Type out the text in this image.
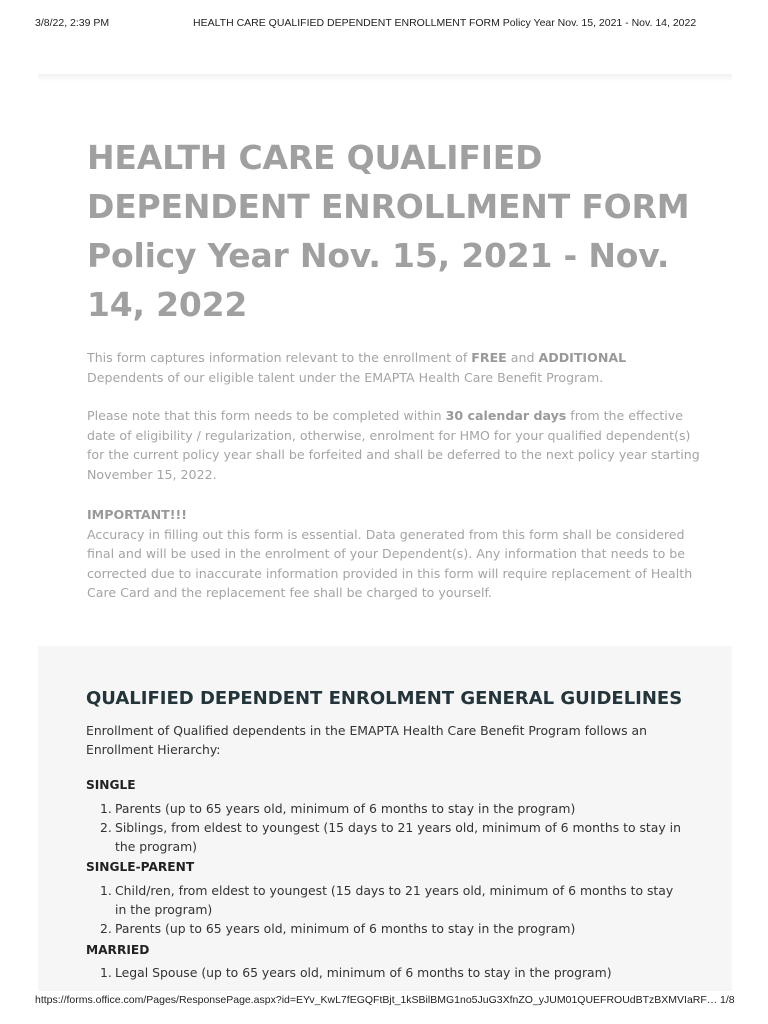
3/8/22, 2:39 PM	HEALTH CARE QUALIFIED DEPENDENT ENROLLMENT FORM Policy Year Nov. 15, 2021 - Nov. 14, 2022
HEALTH CARE QUALIFIED
DEPENDENT ENROLLMENT FORM
Policy Year Nov. 15, 2021 - Nov.
14, 2022

This form captures information relevant to the enrollment of FREE and ADDITIONAL
Dependents of our eligible talent under the EMAPTA Health Care Benefit Program.

Please note that this form needs to be completed within 30 calendar days from the effective date of eligibility / regularization, otherwise, enrolment for HMO for your qualified dependent(s) for the current policy year shall be forfeited and shall be deferred to the next policy year starting November 15, 2022.

IMPORTANT!!!
Accuracy in filling out this form is essential. Data generated from this form shall be considered final and will be used in the enrolment of your Dependent(s). Any information that needs to be corrected due to inaccurate information provided in this form will require replacement of Health Care Card and the replacement fee shall be charged to yourself.

QUALIFIED DEPENDENT ENROLMENT GENERAL GUIDELINES

Enrollment of Qualified dependents in the EMAPTA Health Care Benefit Program follows an Enrollment Hierarchy:

SINGLE
1. Parents (up to 65 years old, minimum of 6 months to stay in the program)
2. Siblings, from eldest to youngest (15 days to 21 years old, minimum of 6 months to stay in the program)
SINGLE-PARENT
1. Child/ren, from eldest to youngest (15 days to 21 years old, minimum of 6 months to stay in the program)
2. Parents (up to 65 years old, minimum of 6 months to stay in the program)
MARRIED
1. Legal Spouse (up to 65 years old, minimum of 6 months to stay in the program)
https://forms.office.com/Pages/ResponsePage.aspx?id=EYv_KwL7fEGQFtBjt_1kSBilBMG1no5JuG3XfnZO_yJUM01QUEFROUdBTzBXMVIaRF… 1/8
